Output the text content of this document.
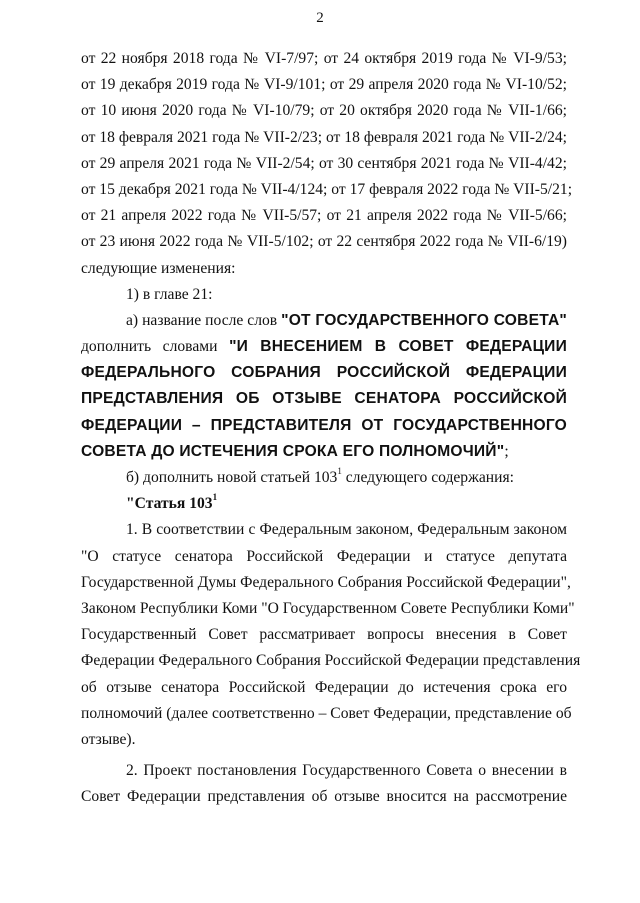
2
от 22 ноября 2018 года № VI-7/97; от 24 октября 2019 года № VI-9/53;
от 19 декабря 2019 года № VI-9/101; от 29 апреля 2020 года № VI-10/52;
от 10 июня 2020 года № VI-10/79; от 20 октября 2020 года № VII-1/66;
от 18 февраля 2021 года № VII-2/23; от 18 февраля 2021 года № VII-2/24;
от 29 апреля 2021 года № VII-2/54; от 30 сентября 2021 года № VII-4/42;
от 15 декабря 2021 года № VII-4/124; от 17 февраля 2022 года № VII-5/21;
от 21 апреля 2022 года № VII-5/57; от 21 апреля 2022 года № VII-5/66;
от 23 июня 2022 года № VII-5/102; от 22 сентября 2022 года № VII-6/19)
следующие изменения:
1) в главе 21:
а) название после слов "ОТ ГОСУДАРСТВЕННОГО СОВЕТА"
дополнить словами "И ВНЕСЕНИЕМ В СОВЕТ ФЕДЕРАЦИИ
ФЕДЕРАЛЬНОГО СОБРАНИЯ РОССИЙСКОЙ ФЕДЕРАЦИИ
ПРЕДСТАВЛЕНИЯ ОБ ОТЗЫВЕ СЕНАТОРА РОССИЙСКОЙ
ФЕДЕРАЦИИ – ПРЕДСТАВИТЕЛЯ ОТ ГОСУДАРСТВЕННОГО
СОВЕТА ДО ИСТЕЧЕНИЯ СРОКА ЕГО ПОЛНОМОЧИЙ";
б) дополнить новой статьей $103^1$ следующего содержания:
"Статья $103^1$
1. В соответствии с Федеральным законом, Федеральным законом
"О статусе сенатора Российской Федерации и статусе депутата
Государственной Думы Федерального Собрания Российской Федерации",
Законом Республики Коми "О Государственном Совете Республики Коми"
Государственный Совет рассматривает вопросы внесения в Совет
Федерации Федерального Собрания Российской Федерации представления
об отзыве сенатора Российской Федерации до истечения срока его
полномочий (далее соответственно – Совет Федерации, представление об
отзыве).
2. Проект постановления Государственного Совета о внесении в
Совет Федерации представления об отзыве вносится на рассмотрение
